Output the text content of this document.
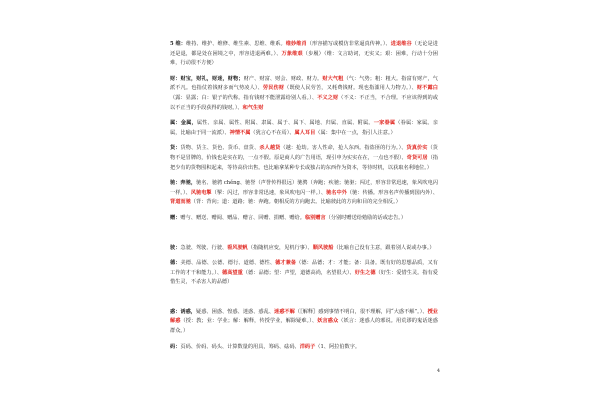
5 维：维持、维护、维修、维生素、思维、维系。维妙维肖（形容描写或模仿非常逼真传神。）、进退维谷（无论是进还是退，都是处在困境之中，形容进退两难。）、万象维艰（步履）（维：文言助词，无实义；艰：困难，行动十分困难，行动很不方便）
财：财宝，财礼，财迷，财物；财产、财富、财会、财政、财力。财大气粗（气：气势；粗：粗大。指富有财产，气派不凡。也指仗着钱财多而气势凌人）、劳民伤财（既使人民劳苦，又耗费钱财。现也指滥用人力物力。）、财不露白（露：显露；白：银子的代称。指有钱财不能泄露给别人看。）、不义之财（不义：不正当，不合理。不应该得到的或以不正当的手段获得的钱财。）、和气生财
属：金属，属性、亲属、属性、附属、隶属、属于、属下、属地、归属、直属、附属。一家眷属（眷属：家属。亲属，比喻由于同一流派）、神情不属（犹言心不在焉）、属人耳目（属：集中在一点，指引人注意。）
货：货物、货主、货色、货币、盘货、杀人越货（越：抢劫。害人性命，抢人东西。指盗匪的行为。）、货真价实（货物不是冒牌的，价钱也是实在的，一点不假。原是商人的广告用语，现引申为实实在在，一点也不假）、奇货可居（指把少有的货物囤积起来，等待高价出售。也比喻拿某种专长或独占的东西作为资本，等待时机，以获取名利地位。）
驰：奔驰，驰名、驰骋 chěng、驰誉（声誉传得很远）驰骋（奔跑；疾驰；驰驱；闯过，形容非常迅速，象风吹电闪一样。）、风驰电掣（掣：闪过，形容非常迅速，象风吹电闪一样。）、驰名中外（驰：传播。形容名声传播到国内外）、背道而驰（背：背向；道：道路；驰：奔跑。朝相反的方向跑去。比喻彼此的方向和目的完全相反。）
赠：赠与、赠送、赠阅、赠品、赠言、回赠、捐赠、赠给。临别赠言（分别时赠送给勉励的话或忠告。）
驶：急驶、驾驶、行驶、看风驶帆（指随机应变，见机行事）、顺风驶船（比喻自己没有主意，跟着别人说或办事。）
德：美德、品德、公德、德行、道德、德性、德才兼备（德：品德；才：才能；备：具备。既有好的思想品质，又有工作的才干和能力。）、德高望重（德：品德；望：声望，道德高尚，名望很大）、好生之德（好生：爱惜生灵。指有爱惜生灵，不杀害人的品德）
惑：诱惑，疑惑、困惑、惶惑、迷惑、惑乱、迷惑不解（〖解释〗感到事情不明白，很不理解，同“大惑不解”。）、授业解惑（授：教；业：学业；解：解释，传授学业，解除疑难。）、妖言惑众（妖言：迷惑人的邪说。用荒谬的鬼话迷惑群众。）
码：页码、价码、码头、计算数量的用具，筹码、砝码、洋码子（1、阿拉伯数字。
4
